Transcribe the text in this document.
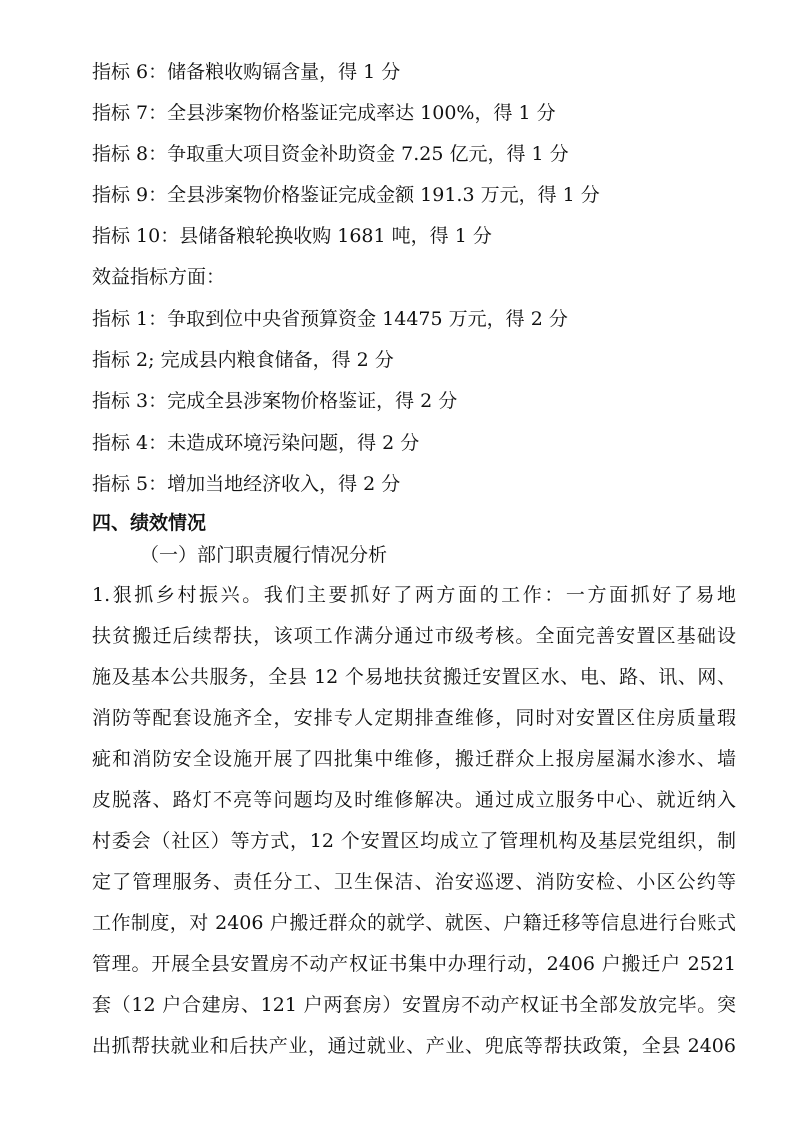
指标 6：储备粮收购镉含量，得 1 分
指标 7：全县涉案物价格鉴证完成率达 100%，得 1 分
指标 8：争取重大项目资金补助资金 7.25 亿元，得 1 分
指标 9：全县涉案物价格鉴证完成金额 191.3 万元，得 1 分
指标 10：县储备粮轮换收购 1681 吨，得 1 分
效益指标方面：
指标 1：争取到位中央省预算资金 14475 万元，得 2 分
指标 2; 完成县内粮食储备，得 2 分
指标 3：完成全县涉案物价格鉴证，得 2 分
指标 4：未造成环境污染问题，得 2 分
指标 5：增加当地经济收入，得 2 分
四、绩效情况
（一）部门职责履行情况分析
1.狠抓乡村振兴。我们主要抓好了两方面的工作：一方面抓好了易地
扶贫搬迁后续帮扶，该项工作满分通过市级考核。全面完善安置区基础设
施及基本公共服务，全县 12 个易地扶贫搬迁安置区水、电、路、讯、网、
消防等配套设施齐全，安排专人定期排查维修，同时对安置区住房质量瑕
疵和消防安全设施开展了四批集中维修，搬迁群众上报房屋漏水渗水、墙
皮脱落、路灯不亮等问题均及时维修解决。通过成立服务中心、就近纳入
村委会（社区）等方式，12 个安置区均成立了管理机构及基层党组织，制
定了管理服务、责任分工、卫生保洁、治安巡逻、消防安检、小区公约等
工作制度，对 2406 户搬迁群众的就学、就医、户籍迁移等信息进行台账式
管理。开展全县安置房不动产权证书集中办理行动，2406 户搬迁户 2521
套（12 户合建房、121 户两套房）安置房不动产权证书全部发放完毕。突
出抓帮扶就业和后扶产业，通过就业、产业、兜底等帮扶政策，全县 2406
